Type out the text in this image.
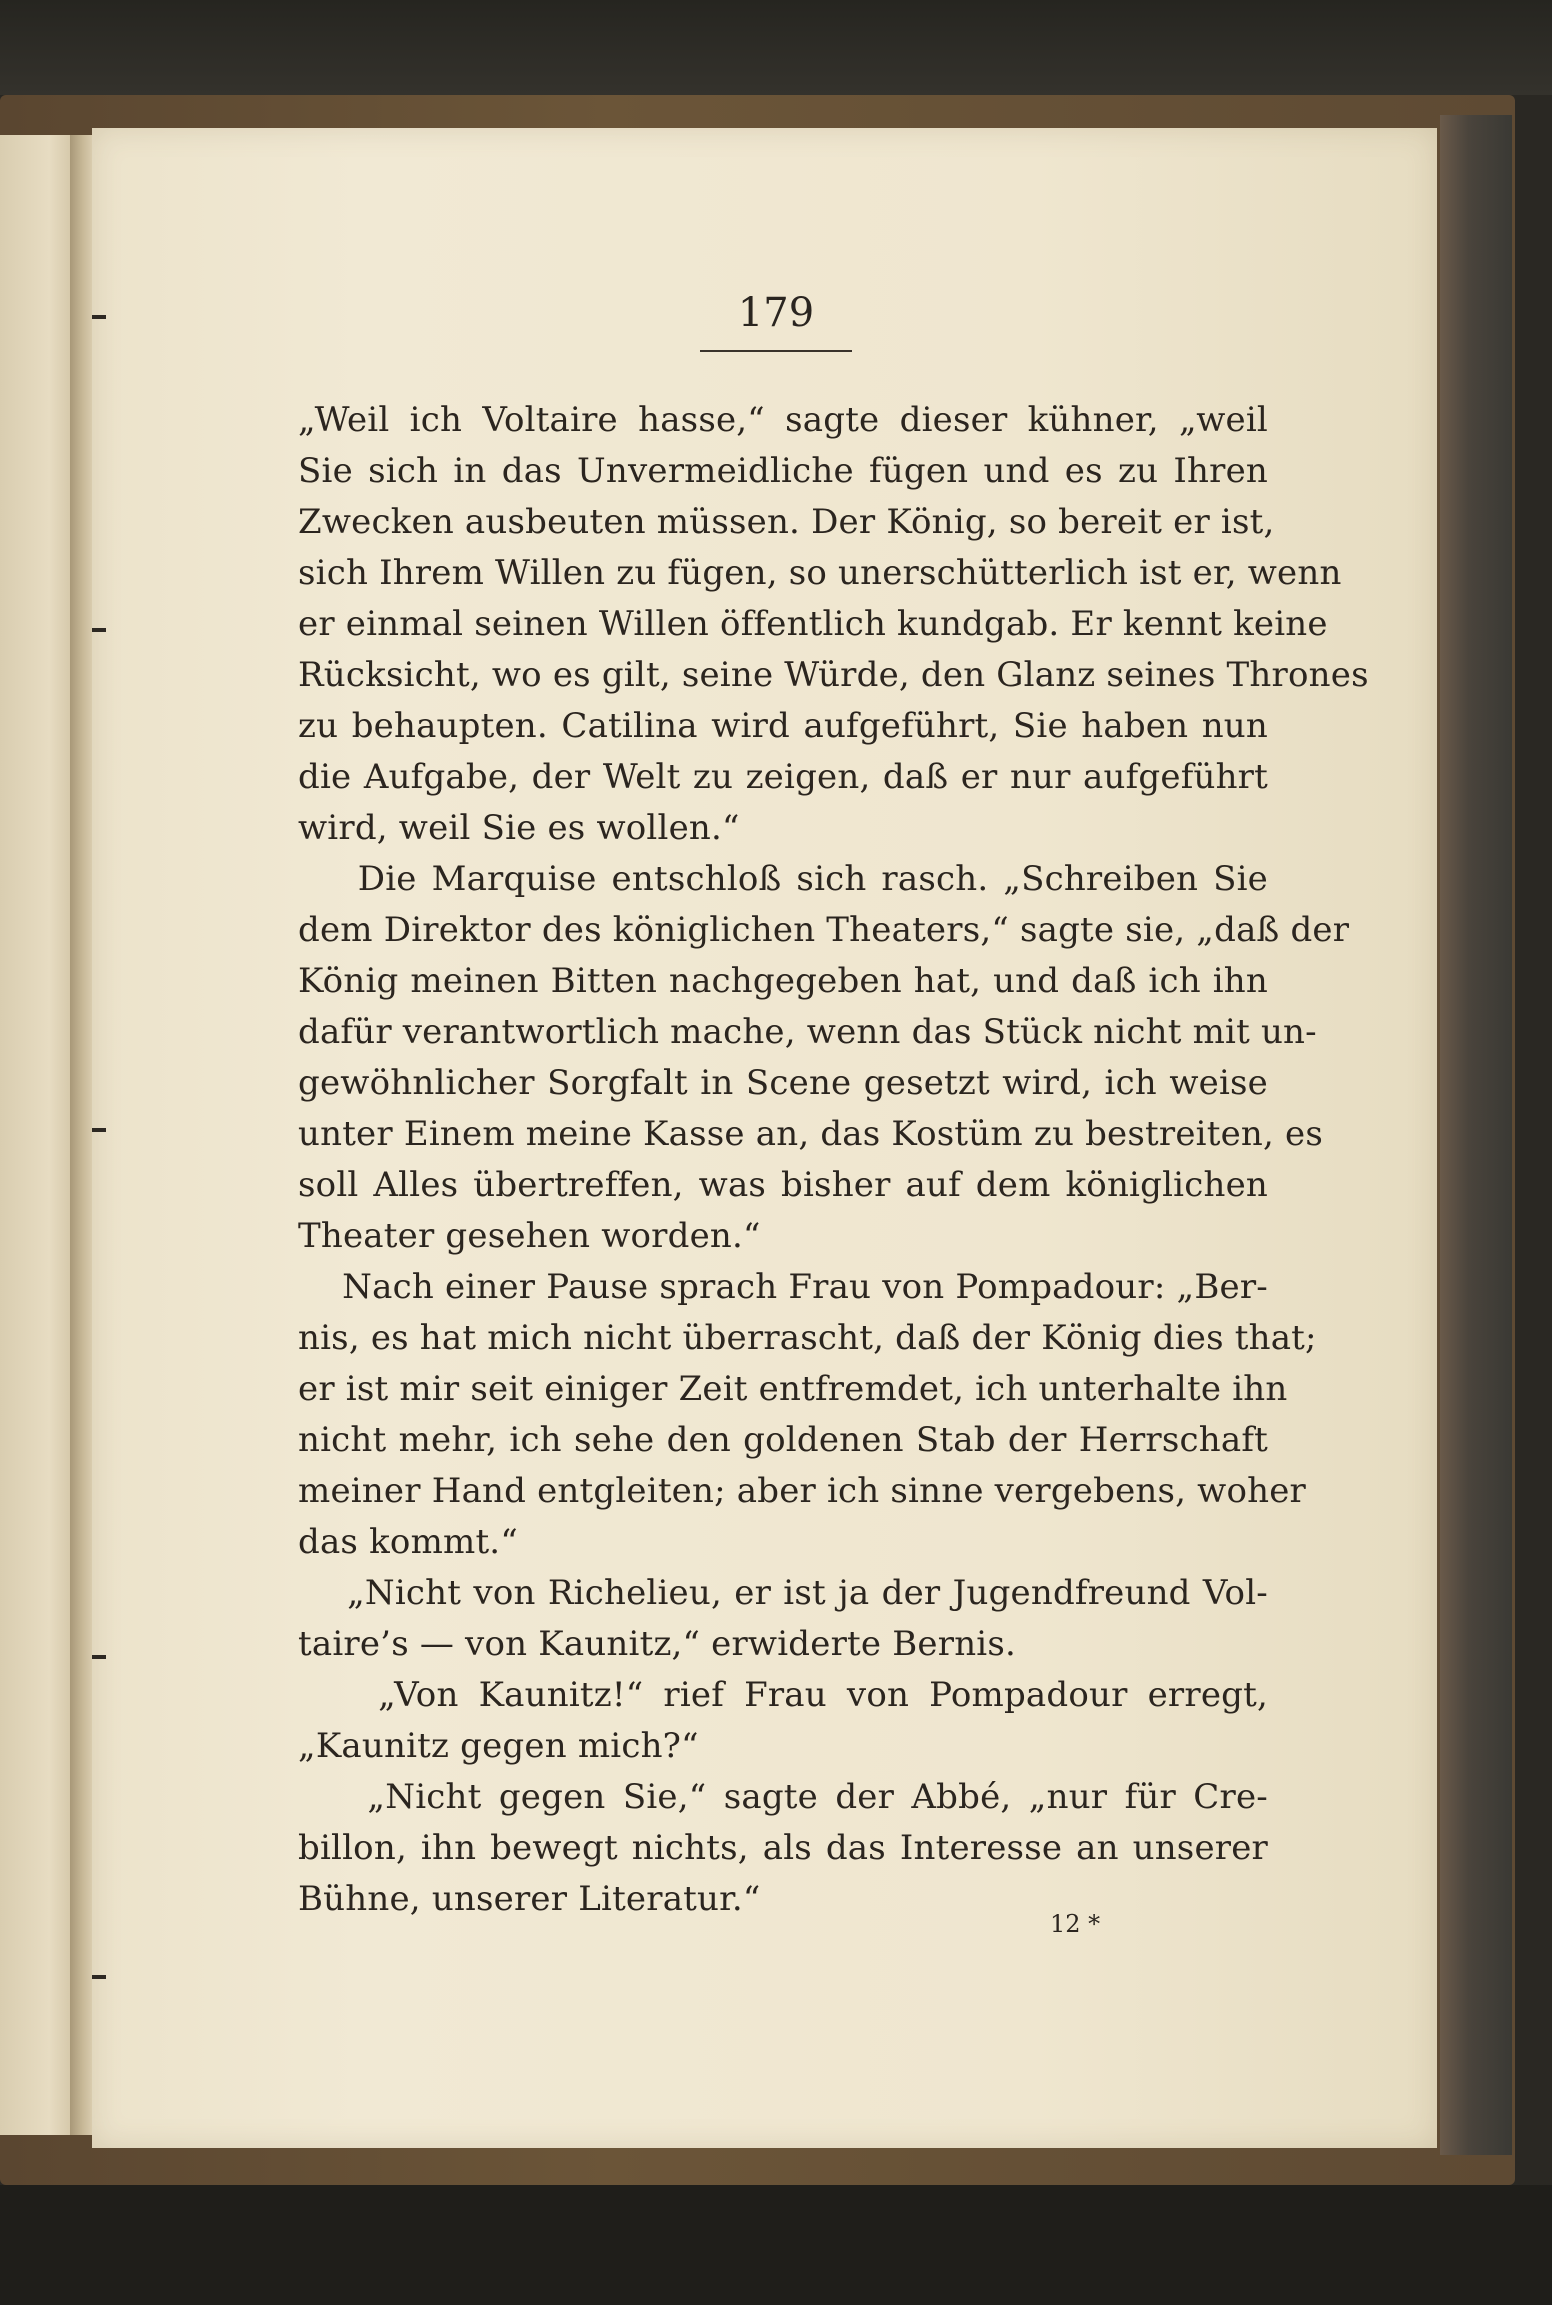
179
„Weil ich Voltaire hasse,“ sagte dieser kühner, „weil
Sie sich in das Unvermeidliche fügen und es zu Ihren
Zwecken ausbeuten müssen. Der König, so bereit er ist,
sich Ihrem Willen zu fügen, so unerschütterlich ist er, wenn
er einmal seinen Willen öffentlich kundgab. Er kennt keine
Rücksicht, wo es gilt, seine Würde, den Glanz seines Thrones
zu behaupten. Catilina wird aufgeführt, Sie haben nun
die Aufgabe, der Welt zu zeigen, daß er nur aufgeführt
wird, weil Sie es wollen.“
Die Marquise entschloß sich rasch. „Schreiben Sie
dem Direktor des königlichen Theaters,“ sagte sie, „daß der
König meinen Bitten nachgegeben hat, und daß ich ihn
dafür verantwortlich mache, wenn das Stück nicht mit un-
gewöhnlicher Sorgfalt in Scene gesetzt wird, ich weise
unter Einem meine Kasse an, das Kostüm zu bestreiten, es
soll Alles übertreffen, was bisher auf dem königlichen
Theater gesehen worden.“
Nach einer Pause sprach Frau von Pompadour: „Ber-
nis, es hat mich nicht überrascht, daß der König dies that;
er ist mir seit einiger Zeit entfremdet, ich unterhalte ihn
nicht mehr, ich sehe den goldenen Stab der Herrschaft
meiner Hand entgleiten; aber ich sinne vergebens, woher
das kommt.“
„Nicht von Richelieu, er ist ja der Jugendfreund Vol-
taire’s — von Kaunitz,“ erwiderte Bernis.
„Von Kaunitz!“ rief Frau von Pompadour erregt,
„Kaunitz gegen mich?“
„Nicht gegen Sie,“ sagte der Abbé, „nur für Cre-
billon, ihn bewegt nichts, als das Interesse an unserer
Bühne, unserer Literatur.“
12 *
